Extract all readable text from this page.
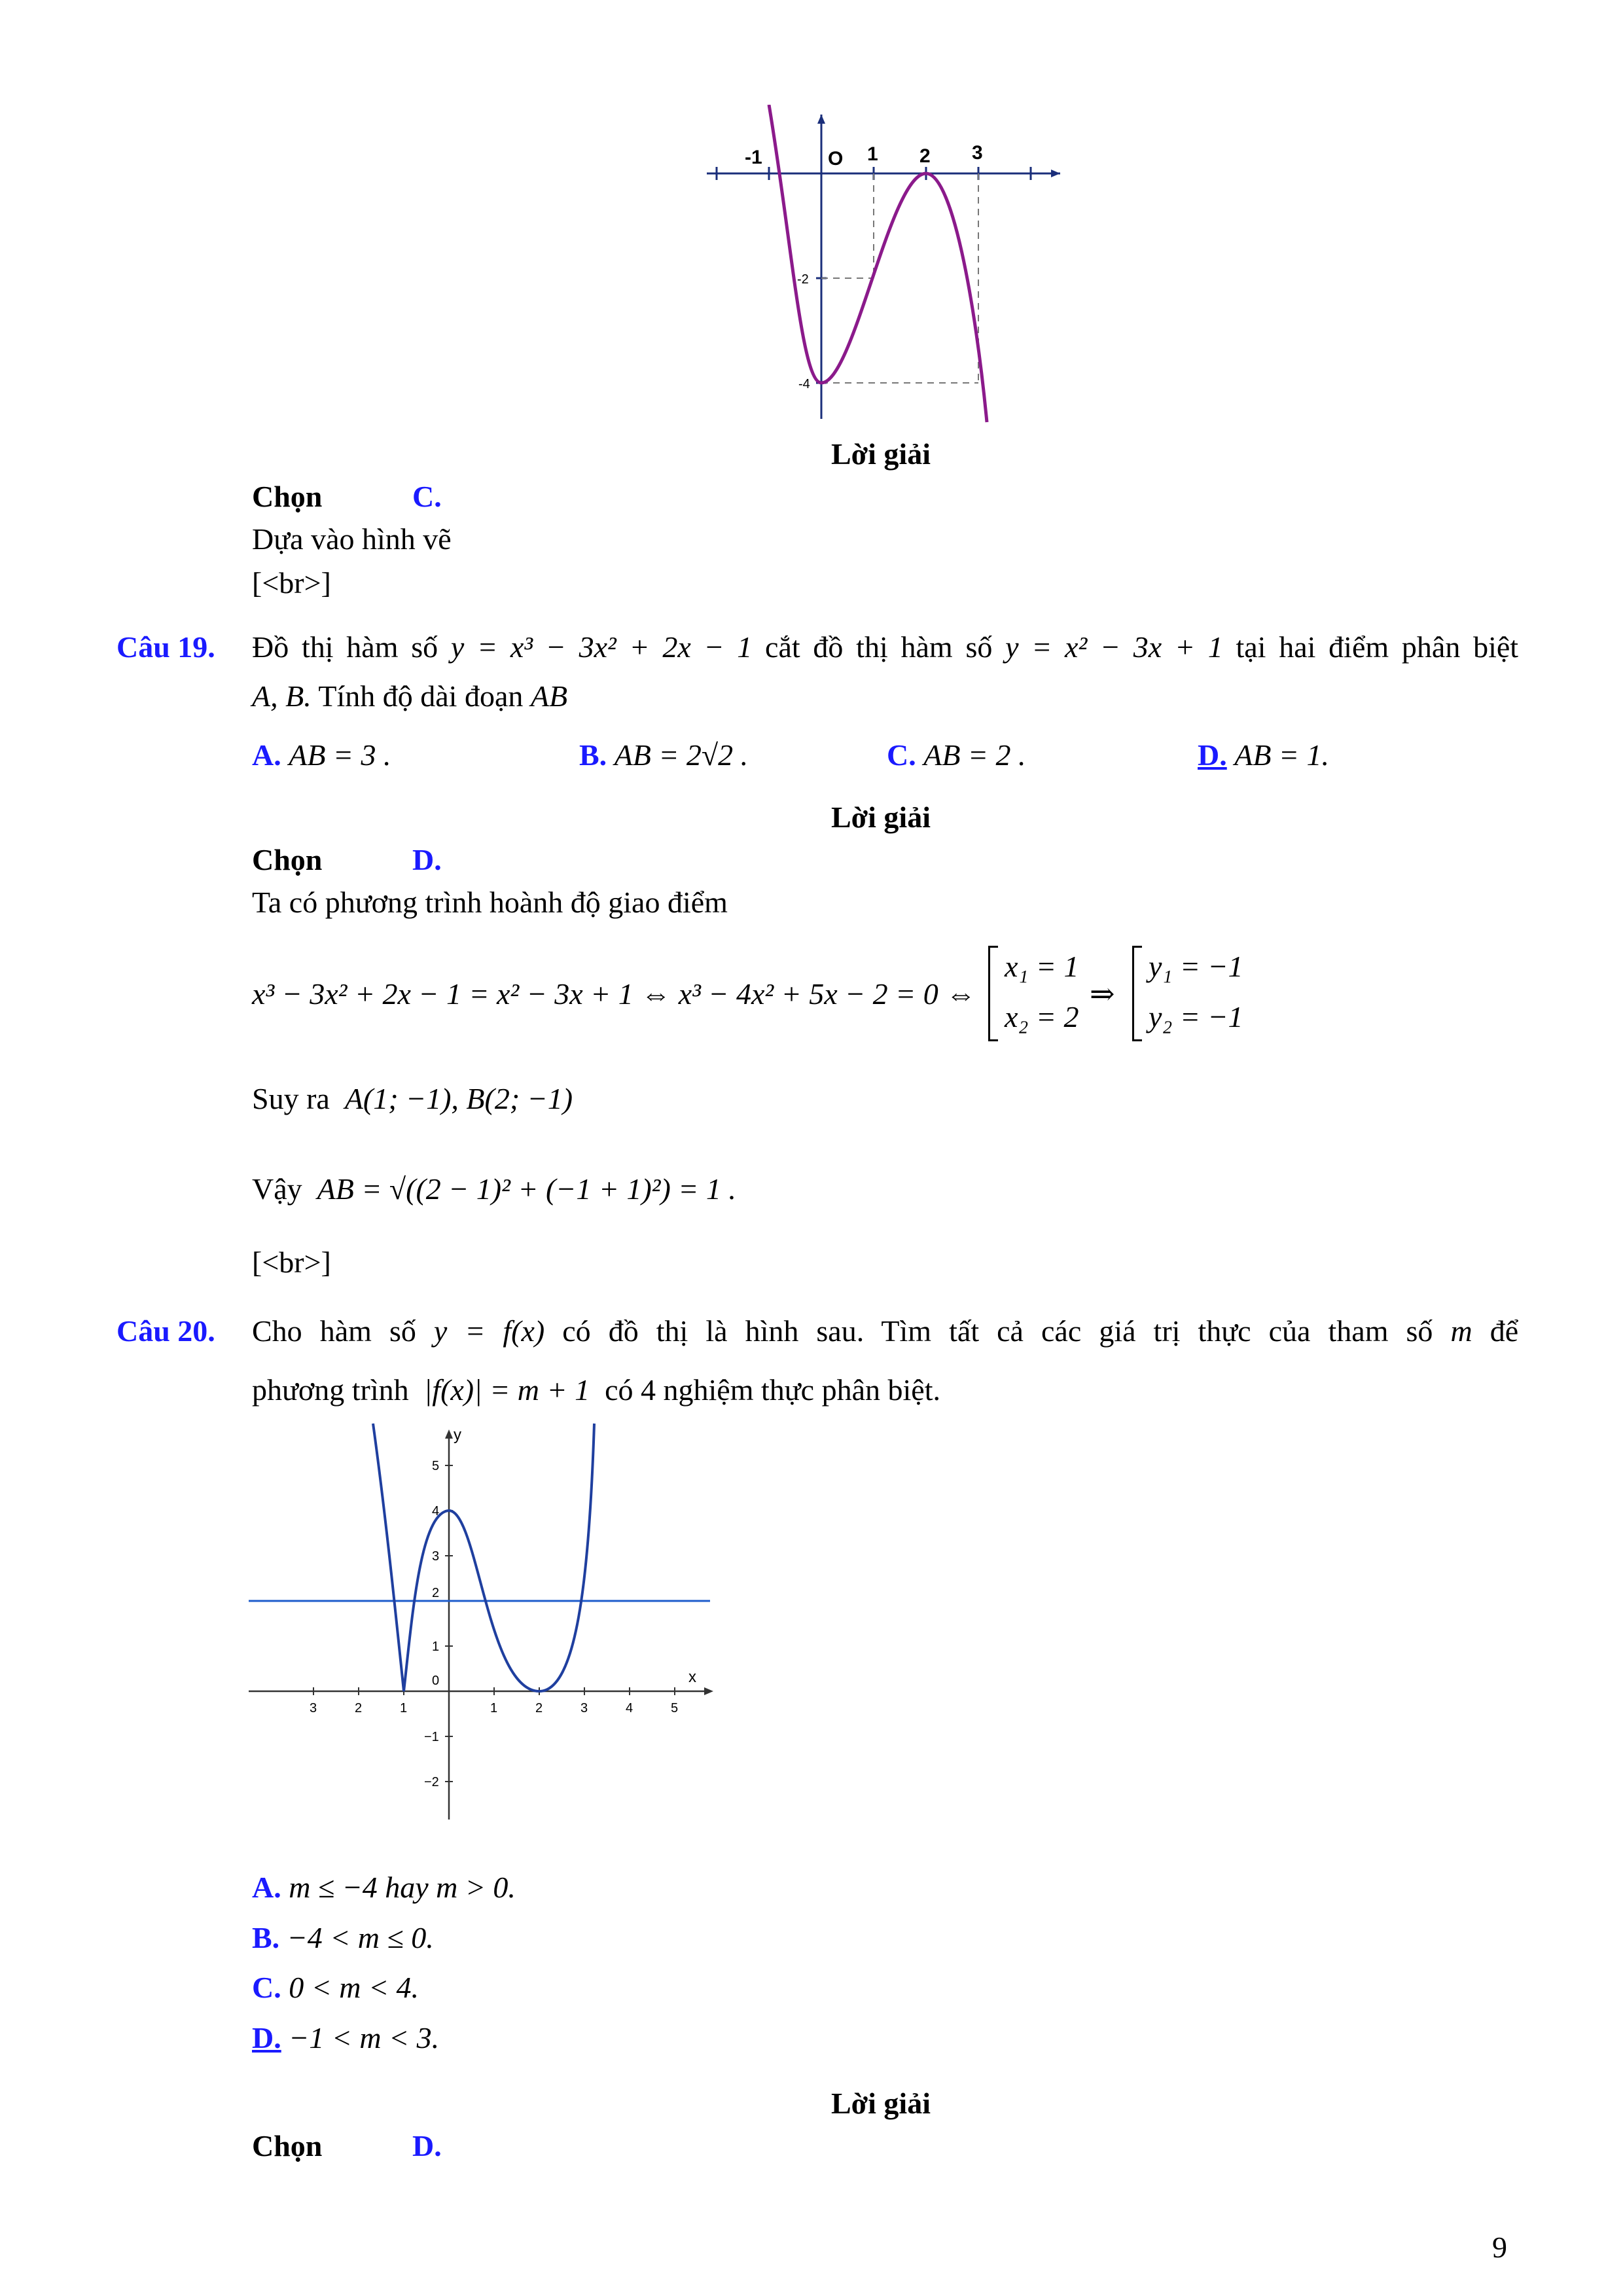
-1	O 1 2 3
-2
-4
Lời giải
Chọn	C.
Dựa vào hình vẽ
[<br>]
Câu 19. Đồ thị hàm số y = x³ − 3x² + 2x − 1 cắt đồ thị hàm số y = x² − 3x + 1 tại hai điểm phân biệt
A, B. Tính độ dài đoạn AB
A. AB = 3 .	B. AB = 2√2 .	C. AB = 2 .	D. AB = 1.
Lời giải
Chọn	D.
Ta có phương trình hoành độ giao điểm
x³ − 3x² + 2x − 1 = x² − 3x + 1 ⇔ x³ − 4x² + 5x − 2 = 0 ⇔
x₁ = 1
x₂ = 2
⇒
y₁ = −1
y₂ = −1
Suy ra A(1; −1), B(2; −1)
Vậy AB = √((2 − 1)² + (−1 + 1)²) = 1 .
[<br>]
Câu 20. Cho hàm số y = f(x) có đồ thị là hình sau. Tìm tất cả các giá trị thực của tham số m để
phương trình |f(x)| = m + 1 có 4 nghiệm thực phân biệt.
y
x
0
3	2	1	1	2	3	4	5
5
4
3
2
1
−1
−2
A. m ≤ −4 hay m > 0.
B. −4 < m ≤ 0.
C. 0 < m < 4.
D. −1 < m < 3.
Lời giải
Chọn	D.
9
